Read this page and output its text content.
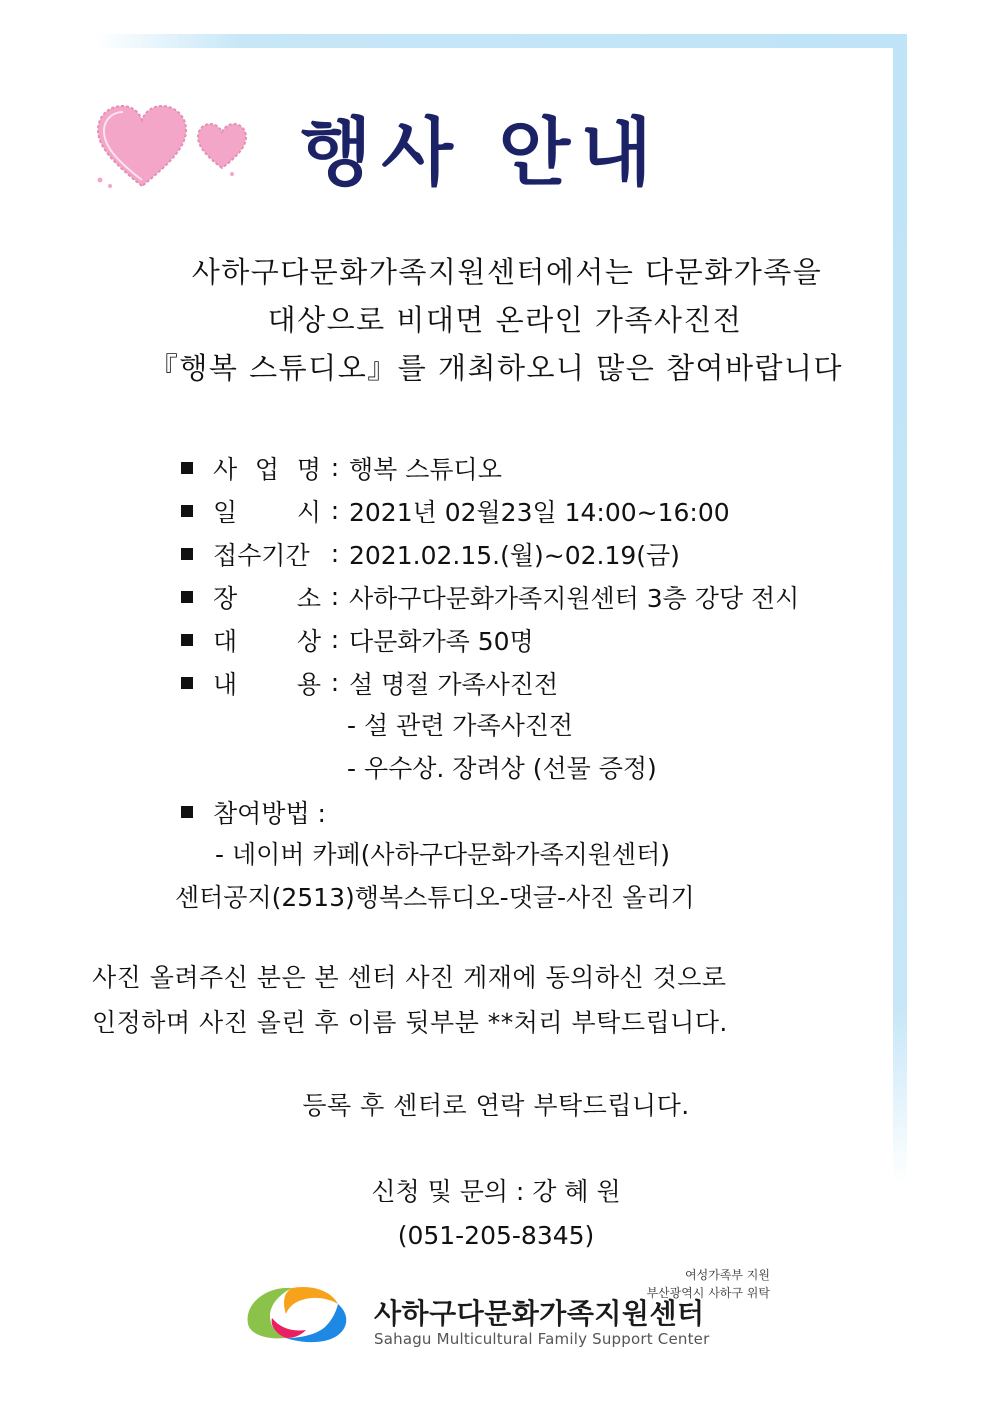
행사 안내
사하구다문화가족지원센터에서는 다문화가족을
대상으로 비대면 온라인 가족사진전
『행복 스튜디오』를 개최하오니 많은 참여바랍니다
사 업 명 : 행복 스튜디오
일 시 : 2021년 02월23일 14:00~16:00
접수기간 : 2021.02.15.(월)~02.19(금)
장 소 : 사하구다문화가족지원센터 3층 강당 전시
대 상 : 다문화가족 50명
내 용 : 설 명절 가족사진전
- 설 관련 가족사진전
- 우수상. 장려상 (선물 증정)
참여방법 :
- 네이버 카페(사하구다문화가족지원센터)
센터공지(2513)행복스튜디오-댓글-사진 올리기
사진 올려주신 분은 본 센터 사진 게재에 동의하신 것으로
인정하며 사진 올린 후 이름 뒷부분 **처리 부탁드립니다.
등록 후 센터로 연락 부탁드립니다.
신청 및 문의 : 강 혜 원
(051-205-8345)
여성가족부 지원
부산광역시 사하구 위탁
사하구다문화가족지원센터
Sahagu Multicultural Family Support Center
